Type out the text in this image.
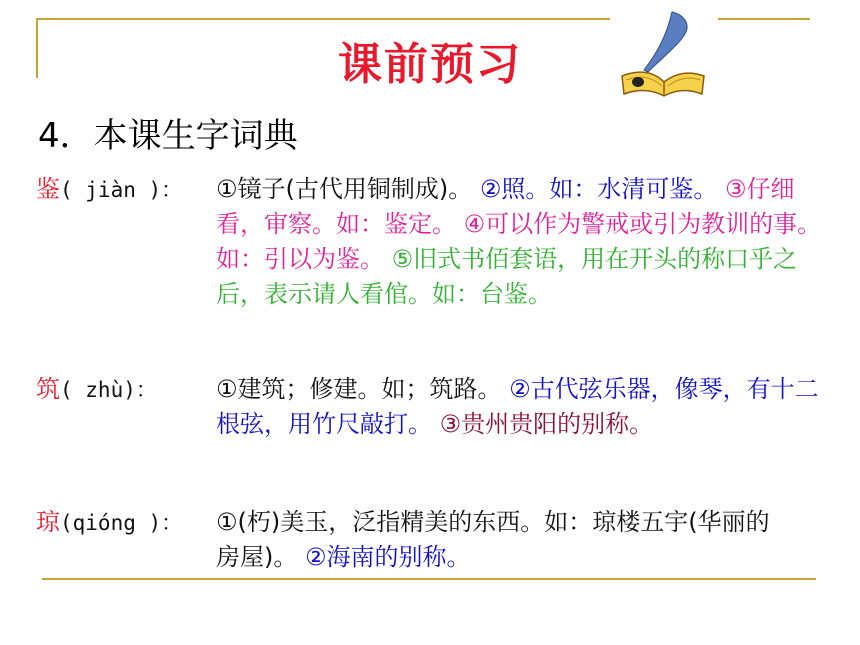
课前预习
4．本课生字词典
鉴( jiàn )： ①镜子(古代用铜制成)。 ②照。如：水清可鉴。 ③仔细看，审察。如：鉴定。 ④可以作为警戒或引为教训的事。如：引以为鉴。 ⑤旧式书佰套语，用在开头的称口乎之后，表示请人看倌。如：台鉴。
筑( zhù)： ①建筑；修建。如；筑路。 ②古代弦乐器，像琴，有十二根弦，用竹尺敲打。 ③贵州贵阳的别称。
琼(qióng )： ①(朽)美玉，泛指精美的东西。如：琼楼五宇(华丽的房屋)。 ②海南的别称。
